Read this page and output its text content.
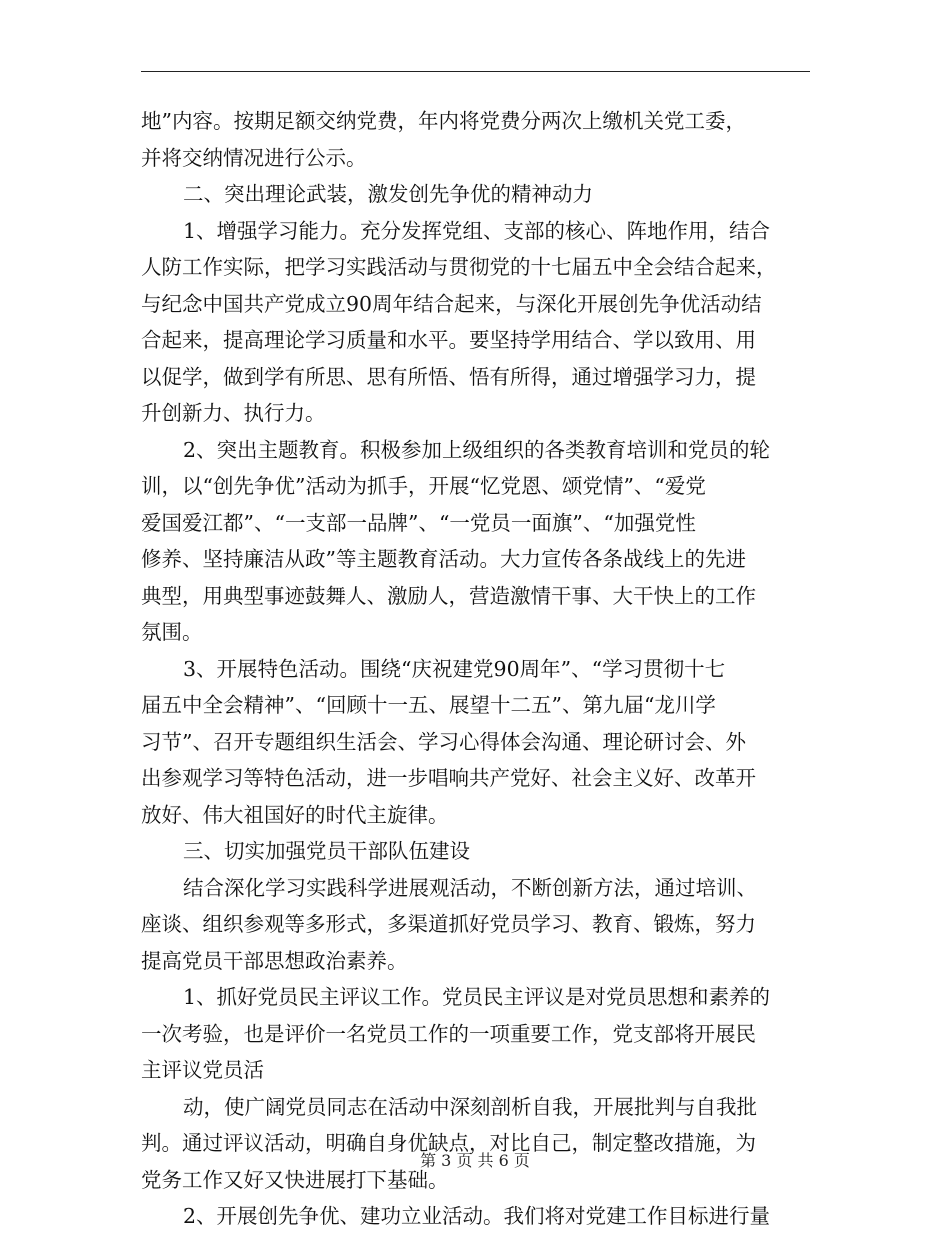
地”内容。按期足额交纳党费，年内将党费分两次上缴机关党工委，
并将交纳情况进行公示。
二、突出理论武装，激发创先争优的精神动力
1、增强学习能力。充分发挥党组、支部的核心、阵地作用，结合
人防工作实际，把学习实践活动与贯彻党的十七届五中全会结合起来，
与纪念中国共产党成立90周年结合起来，与深化开展创先争优活动结
合起来，提高理论学习质量和水平。要坚持学用结合、学以致用、用
以促学，做到学有所思、思有所悟、悟有所得，通过增强学习力，提
升创新力、执行力。
2、突出主题教育。积极参加上级组织的各类教育培训和党员的轮
训，以“创先争优”活动为抓手，开展“忆党恩、颂党情”、“爱党
爱国爱江都”、“一支部一品牌”、“一党员一面旗”、“加强党性
修养、坚持廉洁从政”等主题教育活动。大力宣传各条战线上的先进
典型，用典型事迹鼓舞人、激励人，营造激情干事、大干快上的工作
氛围。
3、开展特色活动。围绕“庆祝建党90周年”、“学习贯彻十七
届五中全会精神”、“回顾十一五、展望十二五”、第九届“龙川学
习节”、召开专题组织生活会、学习心得体会沟通、理论研讨会、外
出参观学习等特色活动，进一步唱响共产党好、社会主义好、改革开
放好、伟大祖国好的时代主旋律。
三、切实加强党员干部队伍建设
结合深化学习实践科学进展观活动，不断创新方法，通过培训、
座谈、组织参观等多形式，多渠道抓好党员学习、教育、锻炼，努力
提高党员干部思想政治素养。
1、抓好党员民主评议工作。党员民主评议是对党员思想和素养的
一次考验，也是评价一名党员工作的一项重要工作，党支部将开展民
主评议党员活
动，使广阔党员同志在活动中深刻剖析自我，开展批判与自我批
判。通过评议活动，明确自身优缺点，对比自己，制定整改措施，为
党务工作又好又快进展打下基础。
2、开展创先争优、建功立业活动。我们将对党建工作目标进行量
第 3 页 共 6 页
